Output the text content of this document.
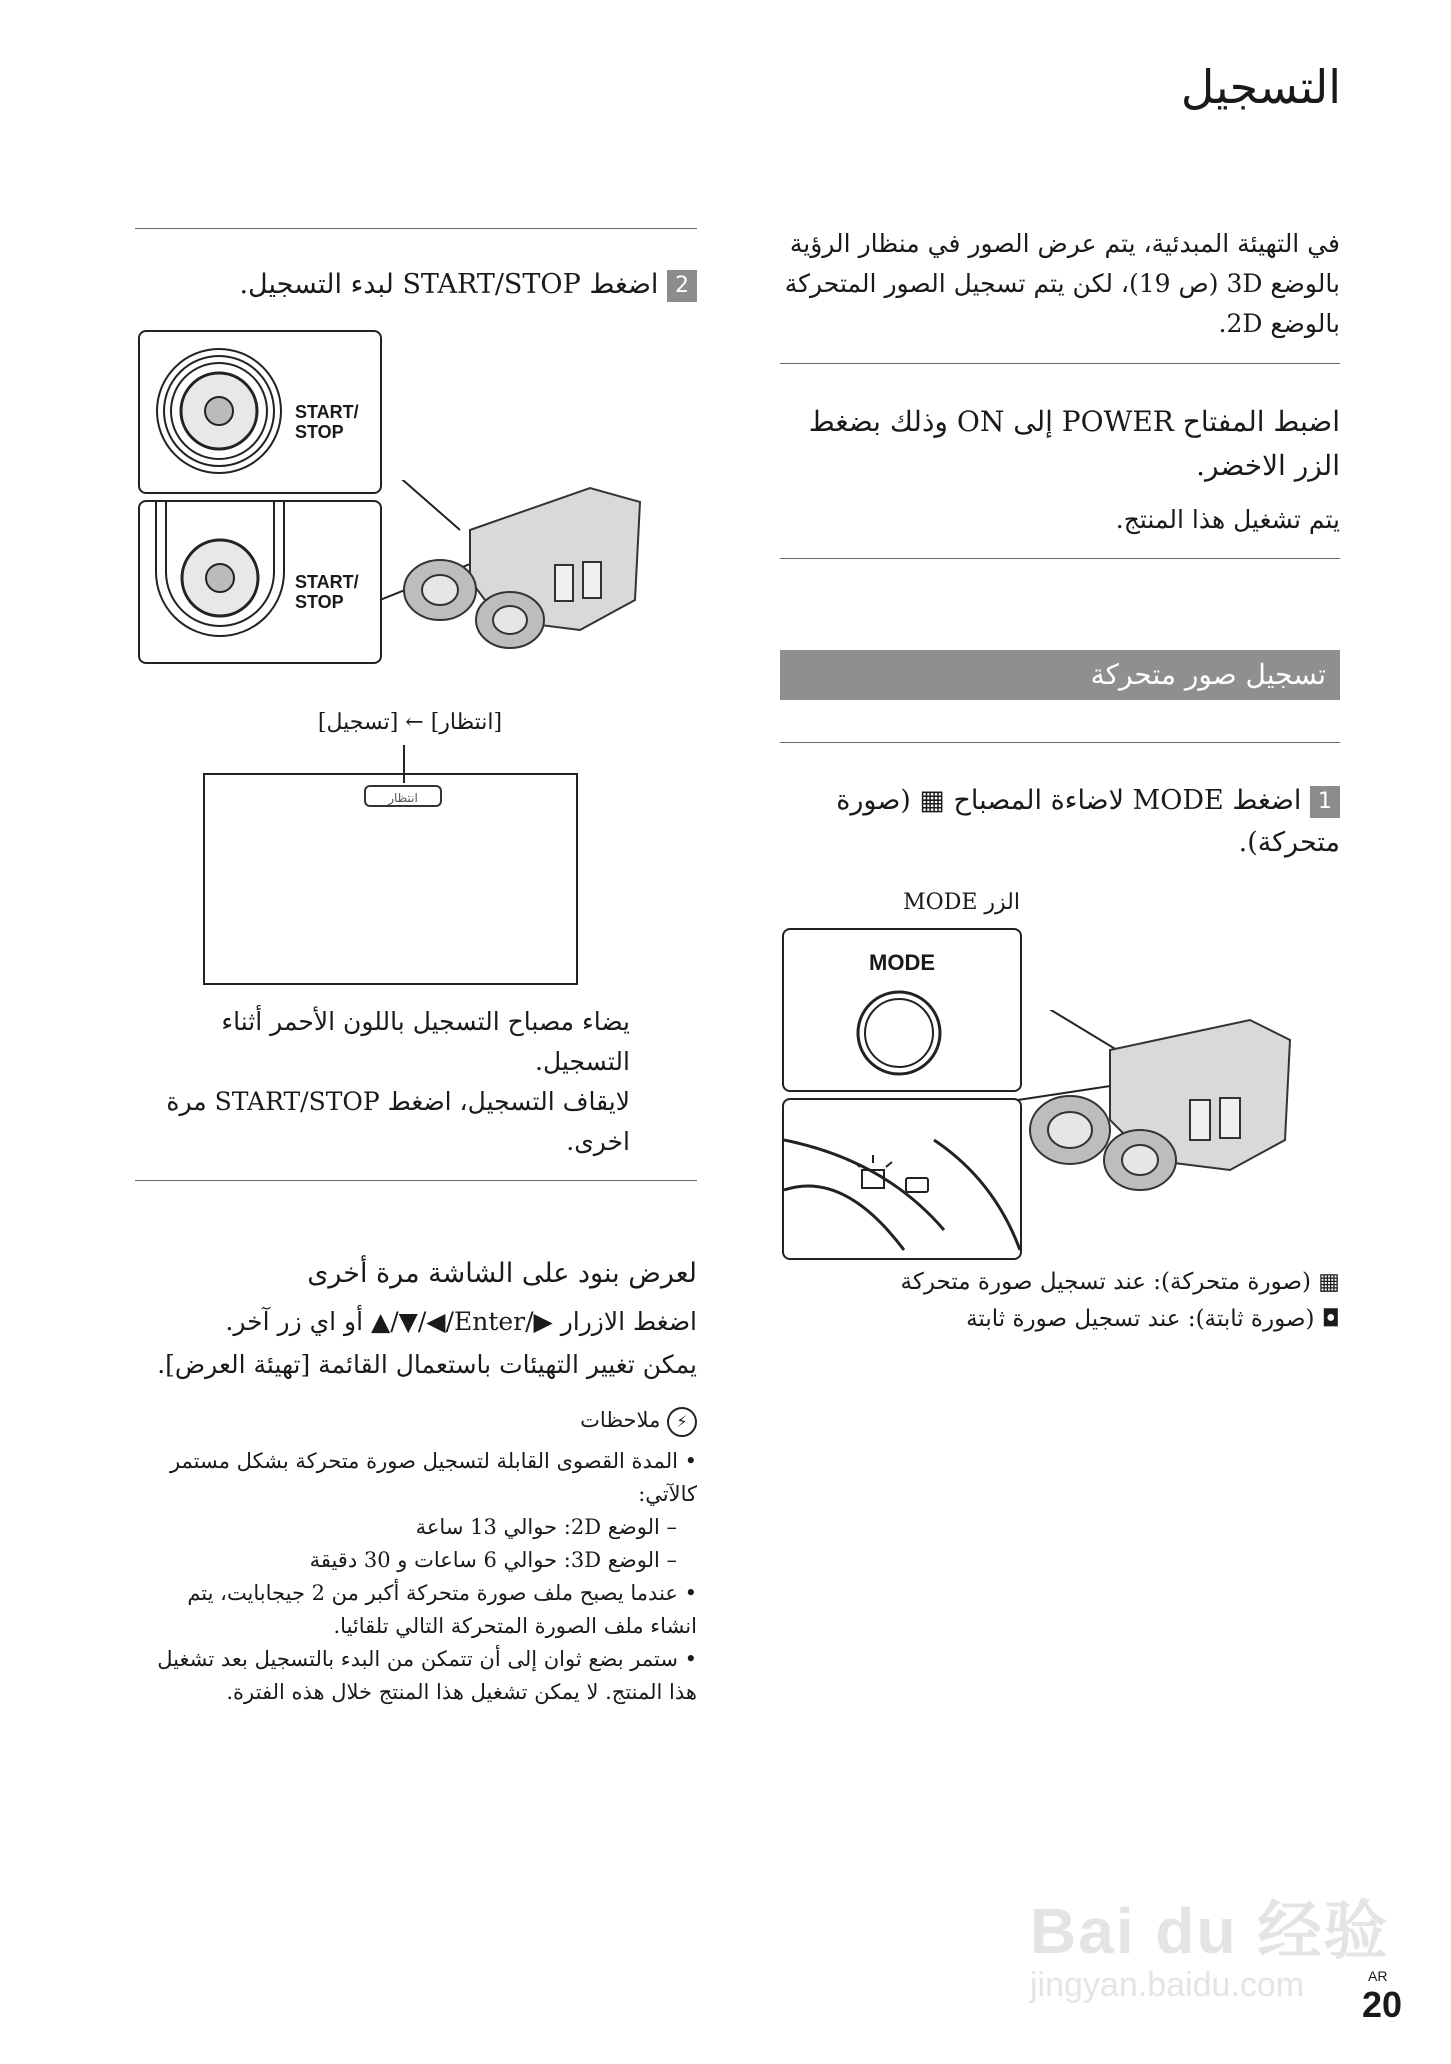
التسجيل
في التهيئة المبدئية، يتم عرض الصور في منظار الرؤية بالوضع 3D (ص 19)، لكن يتم تسجيل الصور المتحركة بالوضع 2D.
اضبط المفتاح POWER إلى ON وذلك بضغط الزر الاخضر.
يتم تشغيل هذا المنتج.
تسجيل صور متحركة
1 اضغط MODE لاضاءة المصباح ▦ (صورة متحركة).
الزر MODE
MODE
▦ (صورة متحركة): عند تسجيل صورة متحركة
◘ (صورة ثابتة): عند تسجيل صورة ثابتة
2 اضغط START/STOP لبدء التسجيل.
START/
STOP
START/
STOP
[انتظار] ← [تسجيل]
انتظار
يضاء مصباح التسجيل باللون الأحمر أثناء التسجيل.
لايقاف التسجيل، اضغط START/STOP مرة اخرى.
لعرض بنود على الشاشة مرة أخرى
اضغط الازرار ▶/Enter/◀/▼/▲ أو اي زر آخر.
يمكن تغيير التهيئات باستعمال القائمة [تهيئة العرض].
⚡ ملاحظات
• المدة القصوى القابلة لتسجيل صورة متحركة بشكل مستمر كالآتي:
– الوضع 2D: حوالي 13 ساعة
– الوضع 3D: حوالي 6 ساعات و 30 دقيقة
• عندما يصبح ملف صورة متحركة أكبر من 2 جيجابايت، يتم انشاء ملف الصورة المتحركة التالي تلقائيا.
• ستمر بضع ثوان إلى أن تتمكن من البدء بالتسجيل بعد تشغيل هذا المنتج. لا يمكن تشغيل هذا المنتج خلال هذه الفترة.
Bai du 经验
jingyan.baidu.com	AR
20
